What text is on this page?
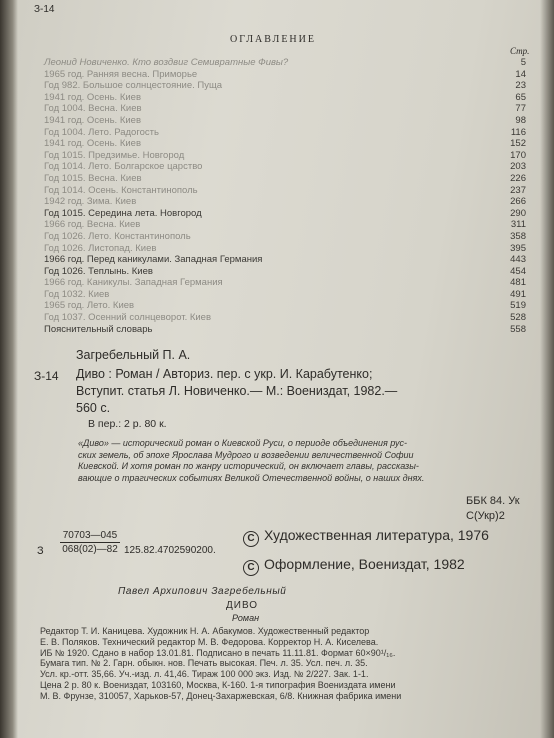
З-14
ОГЛАВЛЕНИЕ
Стр.
Леонид Новиченко. Кто воздвиг Семивратные Фивы?	5
1965 год. Ранняя весна. Приморье	14
Год 982. Большое солнцестояние. Пуща	23
1941 год. Осень. Киев	65
Год 1004. Весна. Киев	77
1941 год. Осень. Киев	98
Год 1004. Лето. Радогость	116
1941 год. Осень. Киев	152
Год 1015. Предзимье. Новгород	170
Год 1014. Лето. Болгарское царство	203
Год 1015. Весна. Киев	226
Год 1014. Осень. Константинополь	237
1942 год. Зима. Киев	266
Год 1015. Середина лета. Новгород	290
1966 год. Весна. Киев	311
Год 1026. Лето. Константинополь	358
Год 1026. Листопад. Киев	395
1966 год. Перед каникулами. Западная Германия	443
Год 1026. Теплынь. Киев	454
1966 год. Каникулы. Западная Германия	481
Год 1032. Киев	491
1965 год. Лето. Киев	519
Год 1037. Осенний солнцеворот. Киев	528
Пояснительный словарь	558
Загребельный П. А.
З-14 Диво : Роман / Авториз. пер. с укр. И. Карабутенко;
Вступит. статья Л. Новиченко.— М.: Воениздат, 1982.—
560 с.
В пер.: 2 р. 80 к.
«Диво» — исторический роман о Киевской Руси, о периоде объединения рус-
ских земель, об эпохе Ярослава Мудрого и возведении величественной Софии
Киевской. И хотя роман по жанру исторический, он включает главы, рассказы-
вающие о трагических событиях Великой Отечественной войны, о наших днях.
ББК 84. Ук
С(Укр)2
З $\frac{70703—045}{068(02)—82} 125.82.4702590200$.
C Художественная литература, 1976
C Оформление, Воениздат, 1982
Павел Архипович Загребельный
ДИВО
Роман
Редактор Т. И. Каницева. Художник Н. А. Абакумов. Художественный редактор
Е. В. Поляков. Технический редактор М. В. Федорова. Корректор Н. А. Киселева.
ИБ № 1920. Сдано в набор 13.01.81. Подписано в печать 11.11.81. Формат 60×90¹/₁₆.
Бумага тип. № 2. Гарн. обыкн. нов. Печать высокая. Печ. л. 35. Усл. печ. л. 35.
Усл. кр.-отт. 35,66. Уч.-изд. л. 41,46. Тираж 100 000 экз. Изд. № 2/227. Зак. 1-1.
Цена 2 р. 80 к. Воениздат, 103160, Москва, К-160. 1-я типография Воениздата имени
М. В. Фрунзе, 310057, Харьков-57, Донец-Захаржевская, 6/8. Книжная фабрика имени
